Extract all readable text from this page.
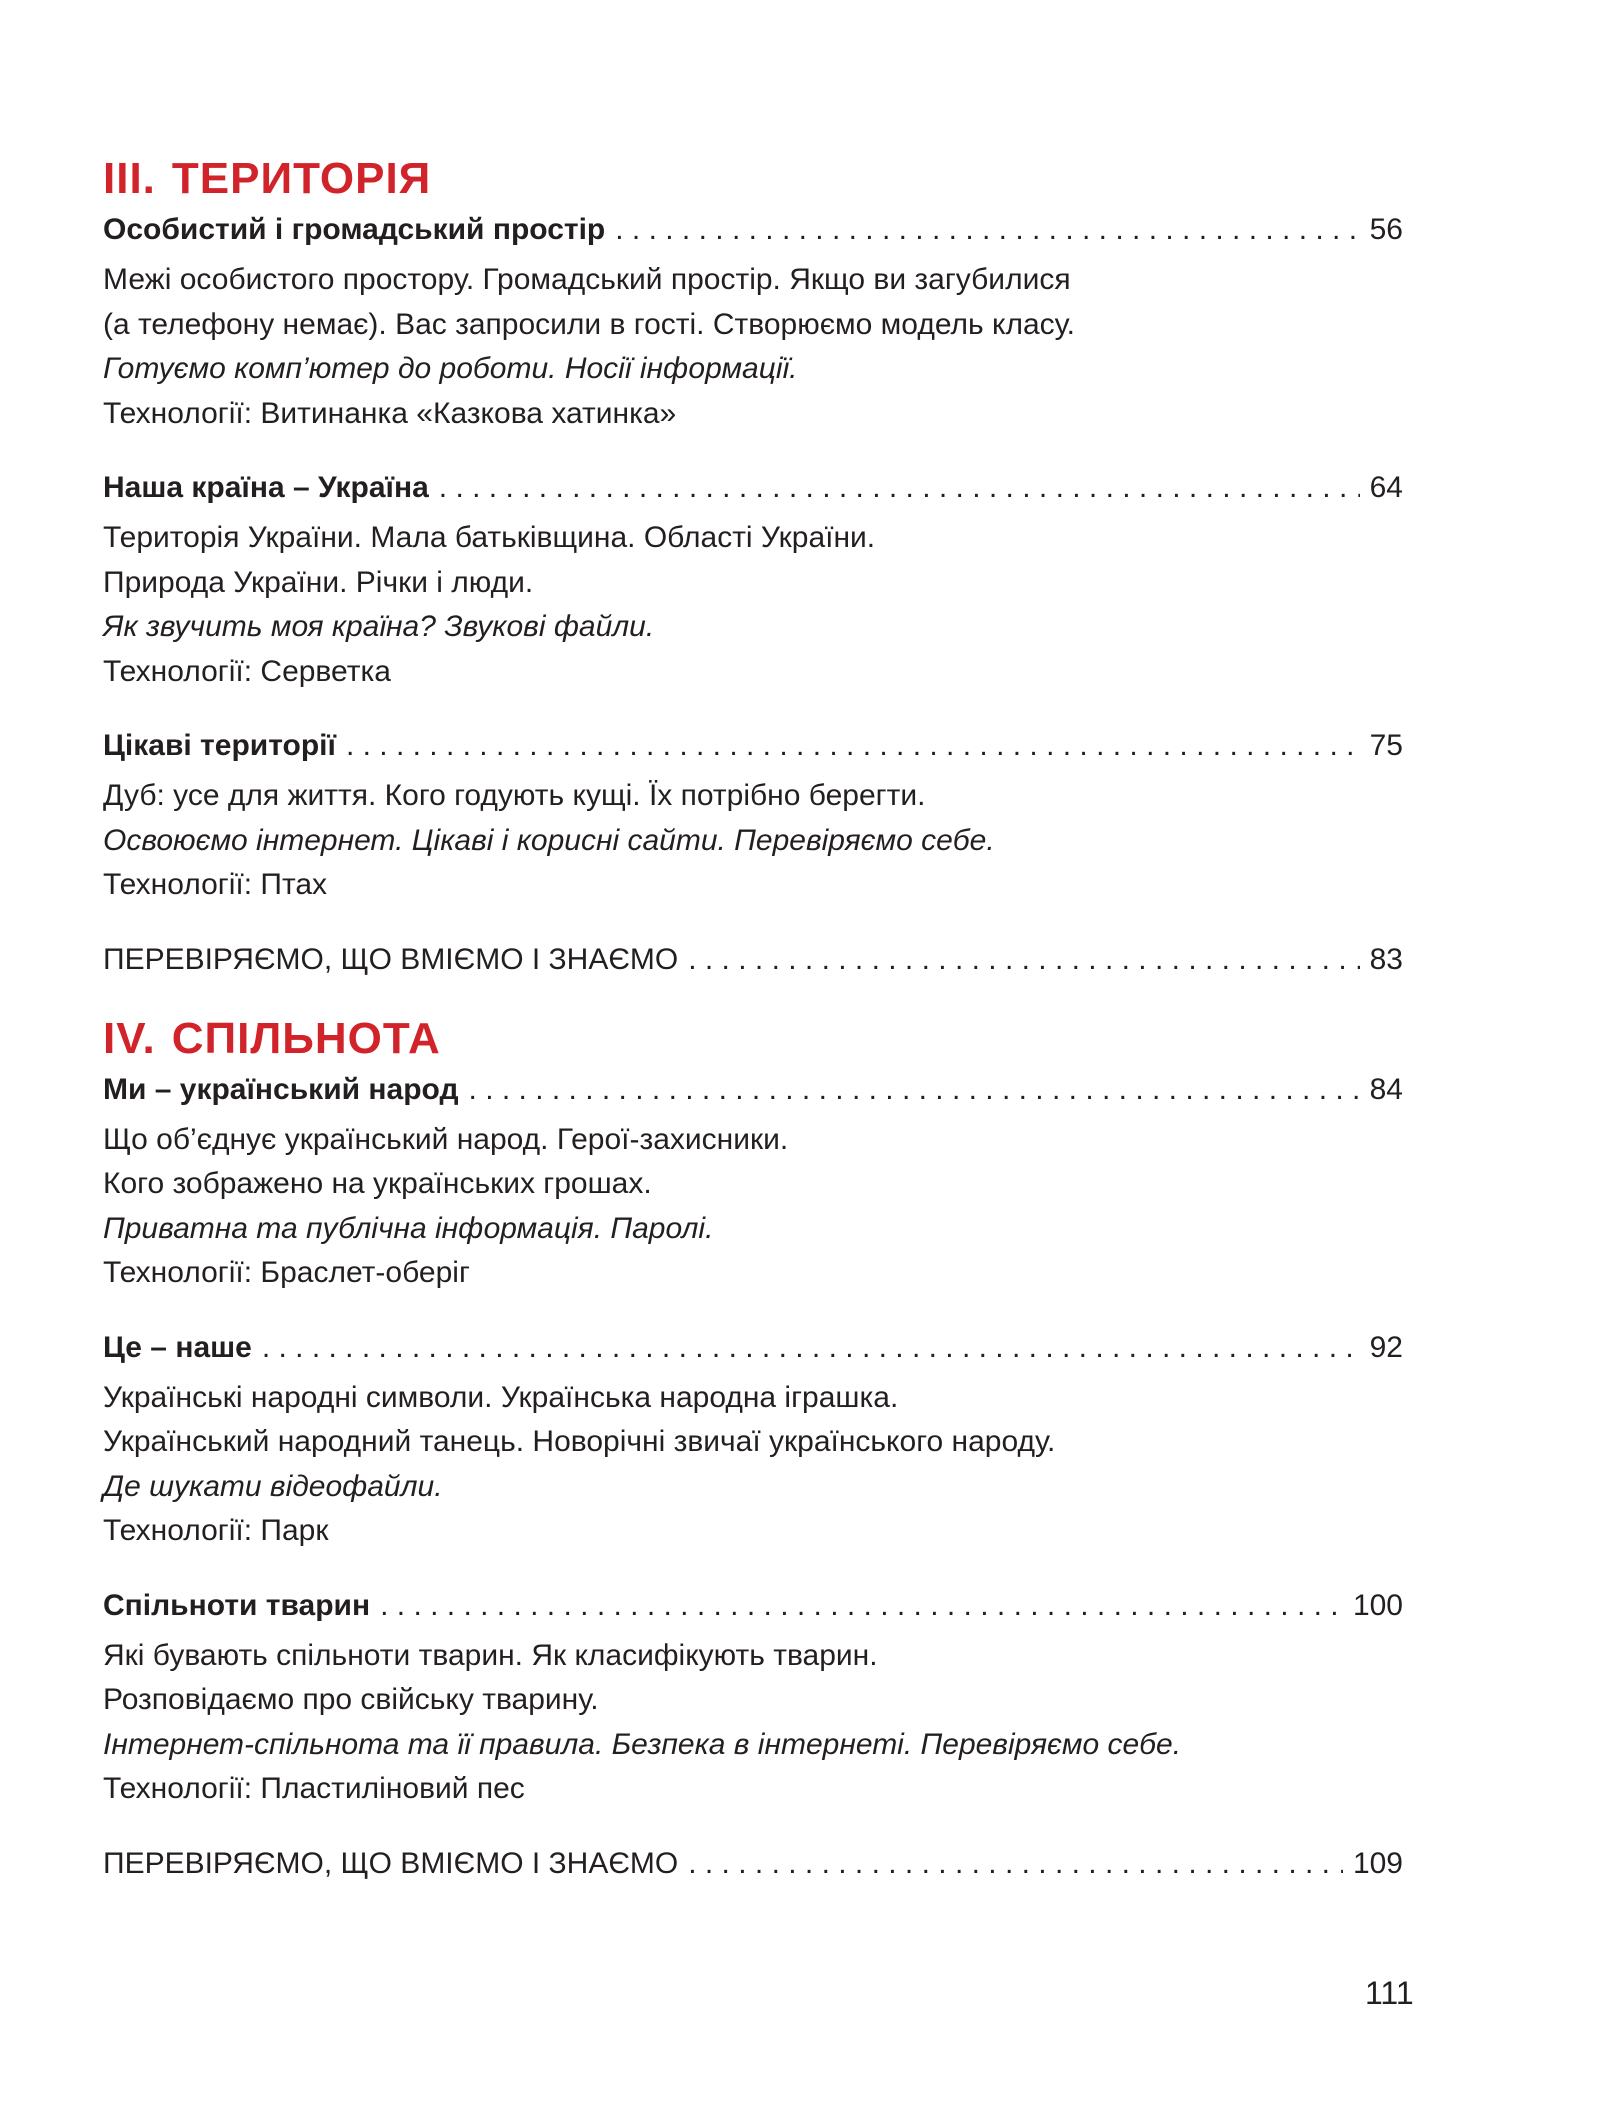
III. ТЕРИТОРІЯ
Особистий і громадський простір . . .	56
Межі особистого простору. Громадський простір. Якщо ви загубилися
(а телефону немає). Вас запросили в гості. Створюємо модель класу.
Готуємо комп’ютер до роботи. Носії інформації.
Технології: Витинанка «Казкова хатинка»
Наша країна – Україна . . .	64
Територія України. Мала батьківщина. Області України.
Природа України. Річки і люди.
Як звучить моя країна? Звукові файли.
Технології: Серветка
Цікаві території . . .	75
Дуб: усе для життя. Кого годують кущі. Їх потрібно берегти.
Освоюємо інтернет. Цікаві і корисні сайти. Перевіряємо себе.
Технології: Птах
ПЕРЕВІРЯЄМО, ЩО ВМІЄМО І ЗНАЄМО . . .	83
IV. СПІЛЬНОТА
Ми – український народ . . .	84
Що об’єднує український народ. Герої-захисники.
Кого зображено на українських грошах.
Приватна та публічна інформація. Паролі.
Технології: Браслет-оберіг
Це – наше . . .	92
Українські народні символи. Українська народна іграшка.
Український народний танець. Новорічні звичаї українського народу.
Де шукати відеофайли.
Технології: Парк
Спільноти тварин . . .	100
Які бувають спільноти тварин. Як класифікують тварин.
Розповідаємо про свійську тварину.
Інтернет-спільнота та її правила. Безпека в інтернеті. Перевіряємо себе.
Технології: Пластиліновий пес
ПЕРЕВІРЯЄМО, ЩО ВМІЄМО І ЗНАЄМО . . .	109
111
